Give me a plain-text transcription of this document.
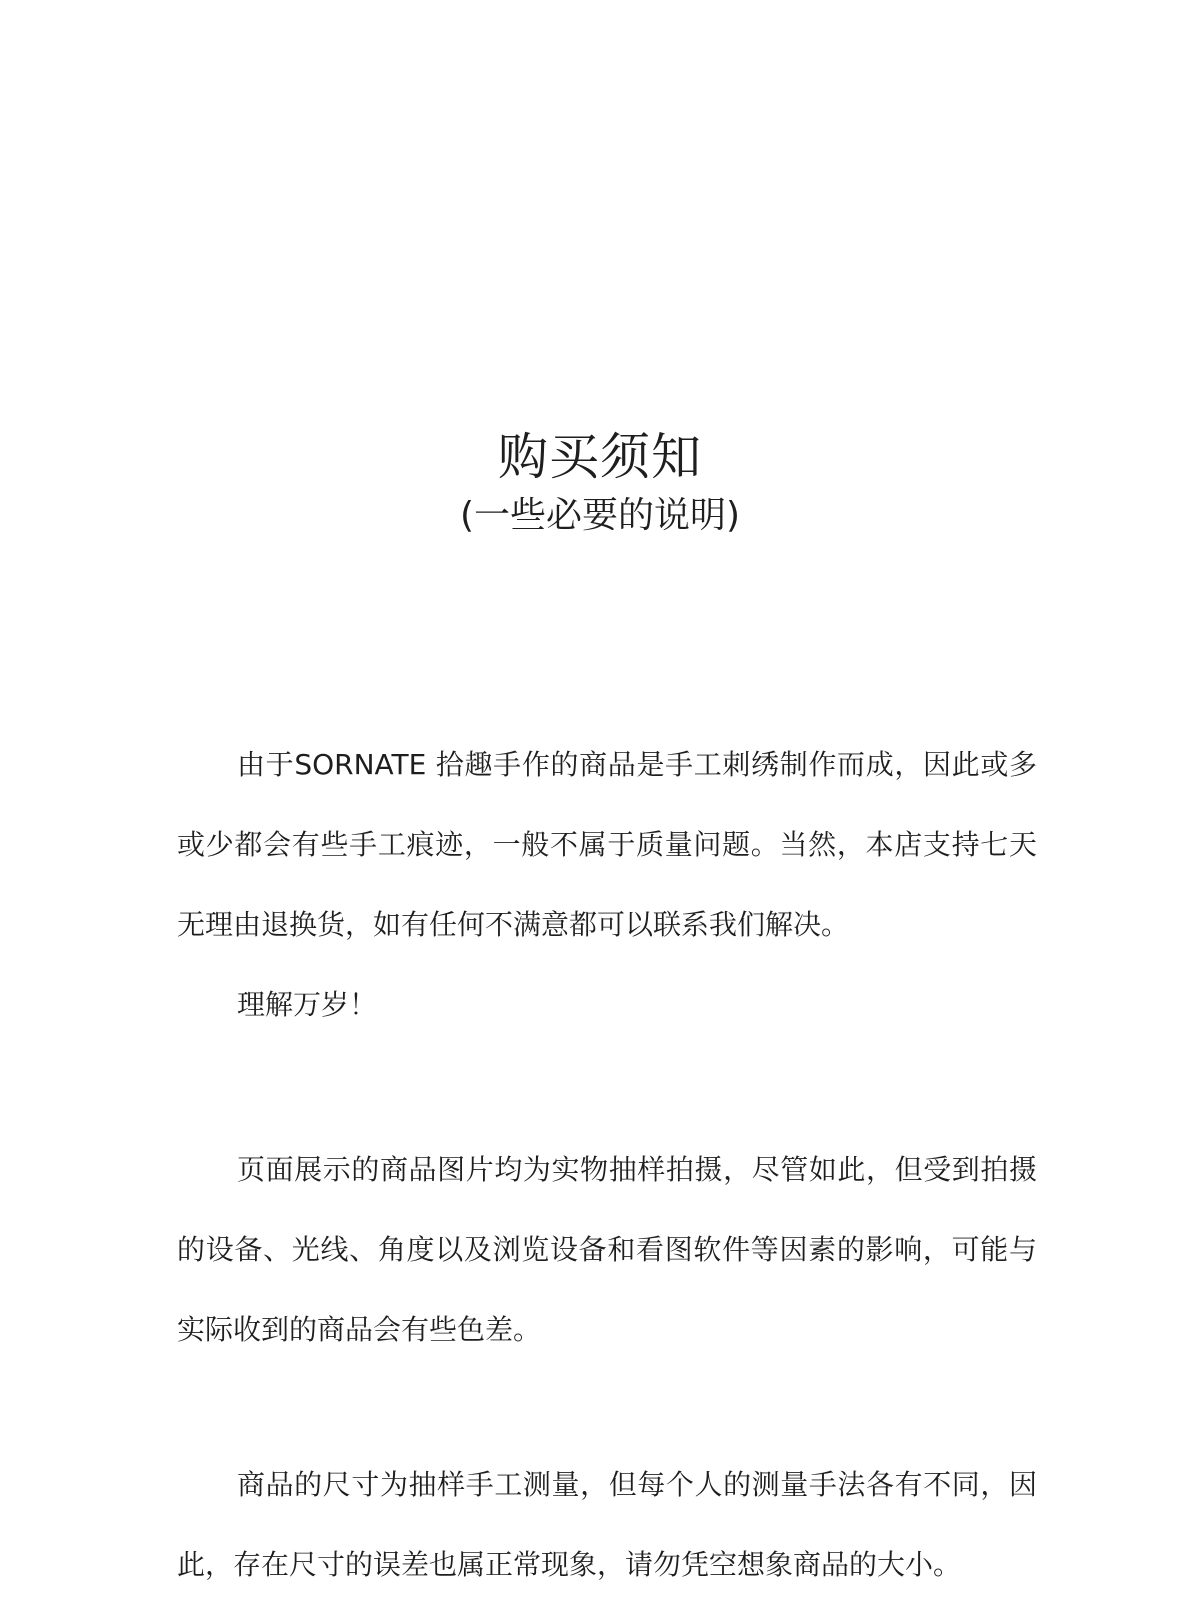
购买须知
(一些必要的说明)

由于SORNATE 拾趣手作的商品是手工刺绣制作而成，因此或多或少都会有些手工痕迹，一般不属于质量问题。当然，本店支持七天无理由退换货，如有任何不满意都可以联系我们解决。

理解万岁！

页面展示的商品图片均为实物抽样拍摄，尽管如此，但受到拍摄的设备、光线、角度以及浏览设备和看图软件等因素的影响，可能与实际收到的商品会有些色差。

商品的尺寸为抽样手工测量，但每个人的测量手法各有不同，因此，存在尺寸的误差也属正常现象，请勿凭空想象商品的大小。
